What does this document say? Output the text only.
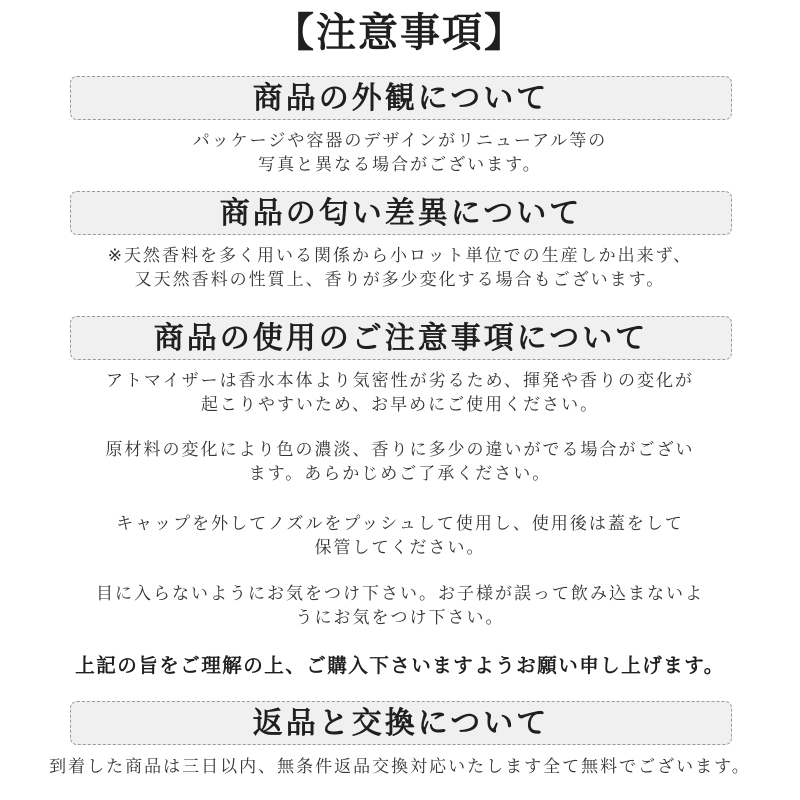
【注意事項】
商品の外観について
パッケージや容器のデザインがリニューアル等の
写真と異なる場合がございます。
商品の匂い差異について
※天然香料を多く用いる関係から小ロット単位での生産しか出来ず、
又天然香料の性質上、香りが多少変化する場合もございます。
商品の使用のご注意事項について
アトマイザーは香水本体より気密性が劣るため、揮発や香りの変化が
起こりやすいため、お早めにご使用ください。
原材料の変化により色の濃淡、香りに多少の違いがでる場合がござい
ます。あらかじめご了承ください。
キャップを外してノズルをプッシュして使用し、使用後は蓋をして
保管してください。
目に入らないようにお気をつけ下さい。お子様が誤って飲み込まないよ
うにお気をつけ下さい。
上記の旨をご理解の上、ご購入下さいますようお願い申し上げます。
返品と交換について
到着した商品は三日以内、無条件返品交換対応いたします全て無料でございます。
